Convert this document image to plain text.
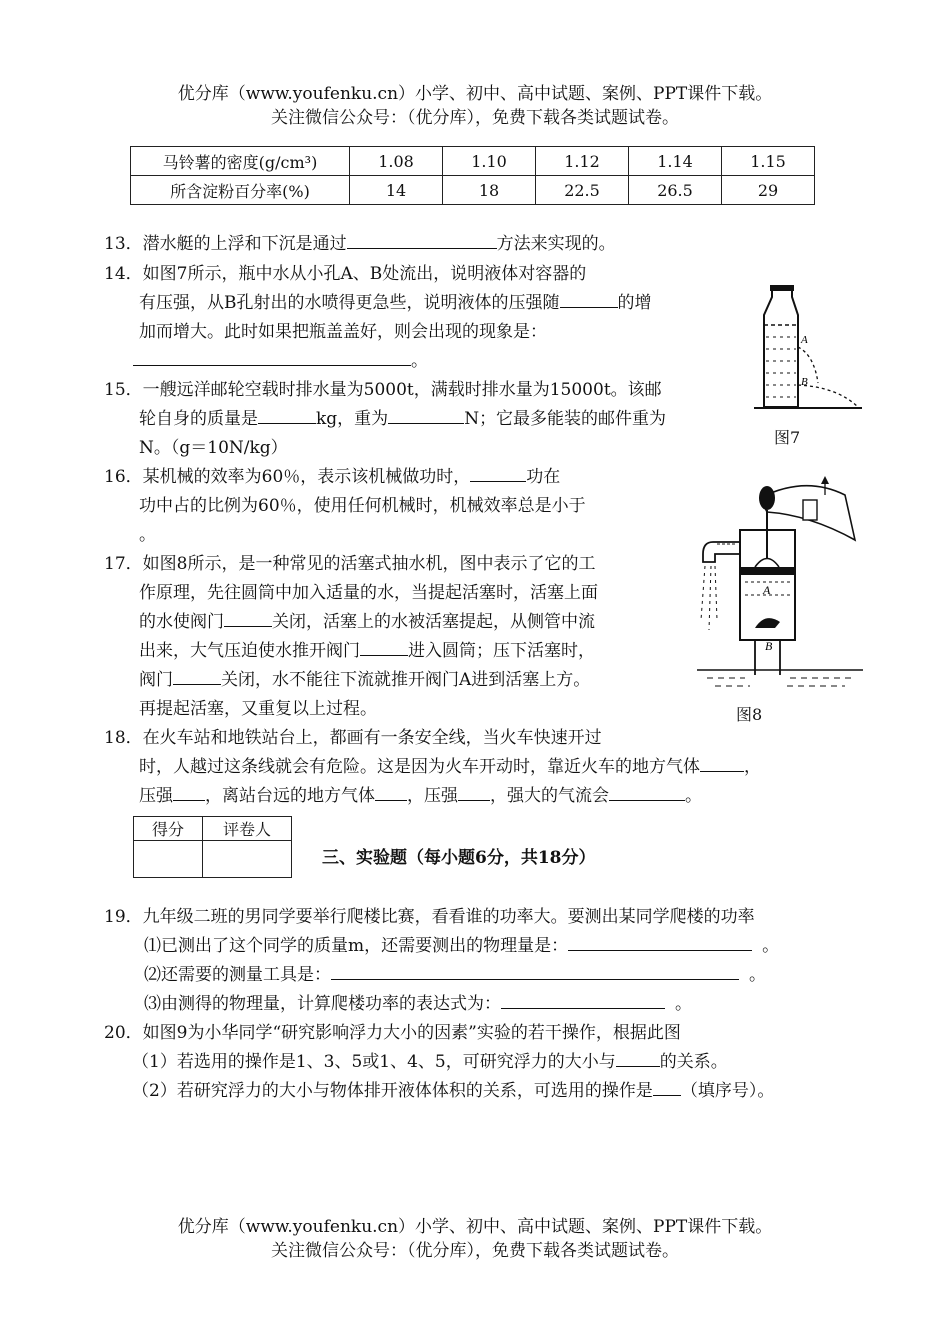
优分库（www.youfenku.cn）小学、初中、高中试题、案例、PPT课件下载。
关注微信公众号：（优分库），免费下载各类试题试卷。
马铃薯的密度(g/cm³)	1.08	1.10	1.12	1.14	1.15
所含淀粉百分率(%)	14	18	22.5	26.5	29
13．潜水艇的上浮和下沉是通过	方法来实现的。
14．如图7所示，瓶中水从小孔A、B处流出，说明液体对容器的
有压强，从B孔射出的水喷得更急些，说明液体的压强随	的增
加而增大。此时如果把瓶盖盖好，则会出现的现象是：
。
A
B
图7
15．一艘远洋邮轮空载时排水量为5000t，满载时排水量为15000t。该邮
轮自身的质量是	kg，重为	N；它最多能装的邮件重为
N。（g＝10N/kg）
16．某机械的效率为60％，表示该机械做功时，	功在
功中占的比例为60％，使用任何机械时，机械效率总是小于
。
17．如图8所示，是一种常见的活塞式抽水机，图中表示了它的工
作原理，先往圆筒中加入适量的水，当提起活塞时，活塞上面
的水使阀门	关闭，活塞上的水被活塞提起，从侧管中流
出来，大气压迫使水推开阀门	进入圆筒；压下活塞时，
阀门	关闭，水不能往下流就推开阀门A进到活塞上方。
再提起活塞，又重复以上过程。
A
B
图8
18．在火车站和地铁站台上，都画有一条安全线，当火车快速开过
时，人越过这条线就会有危险。这是因为火车开动时，靠近火车的地方气体	，
压强 ，离站台远的地方气体 ，压强 ，强大的气流会	。
得分	评卷人

三、实验题（每小题6分，共18分）
19．九年级二班的男同学要举行爬楼比赛，看看谁的功率大。要测出某同学爬楼的功率
⑴已测出了这个同学的质量m，还需要测出的物理量是：	。
⑵还需要的测量工具是：	。
⑶由测得的物理量，计算爬楼功率的表达式为：	。
20．如图9为小华同学“研究影响浮力大小的因素”实验的若干操作，根据此图
（1）若选用的操作是1、3、5或1、4、5，可研究浮力的大小与	的关系。
（2）若研究浮力的大小与物体排开液体体积的关系，可选用的操作是 （填序号）。
优分库（www.youfenku.cn）小学、初中、高中试题、案例、PPT课件下载。
关注微信公众号：（优分库），免费下载各类试题试卷。
